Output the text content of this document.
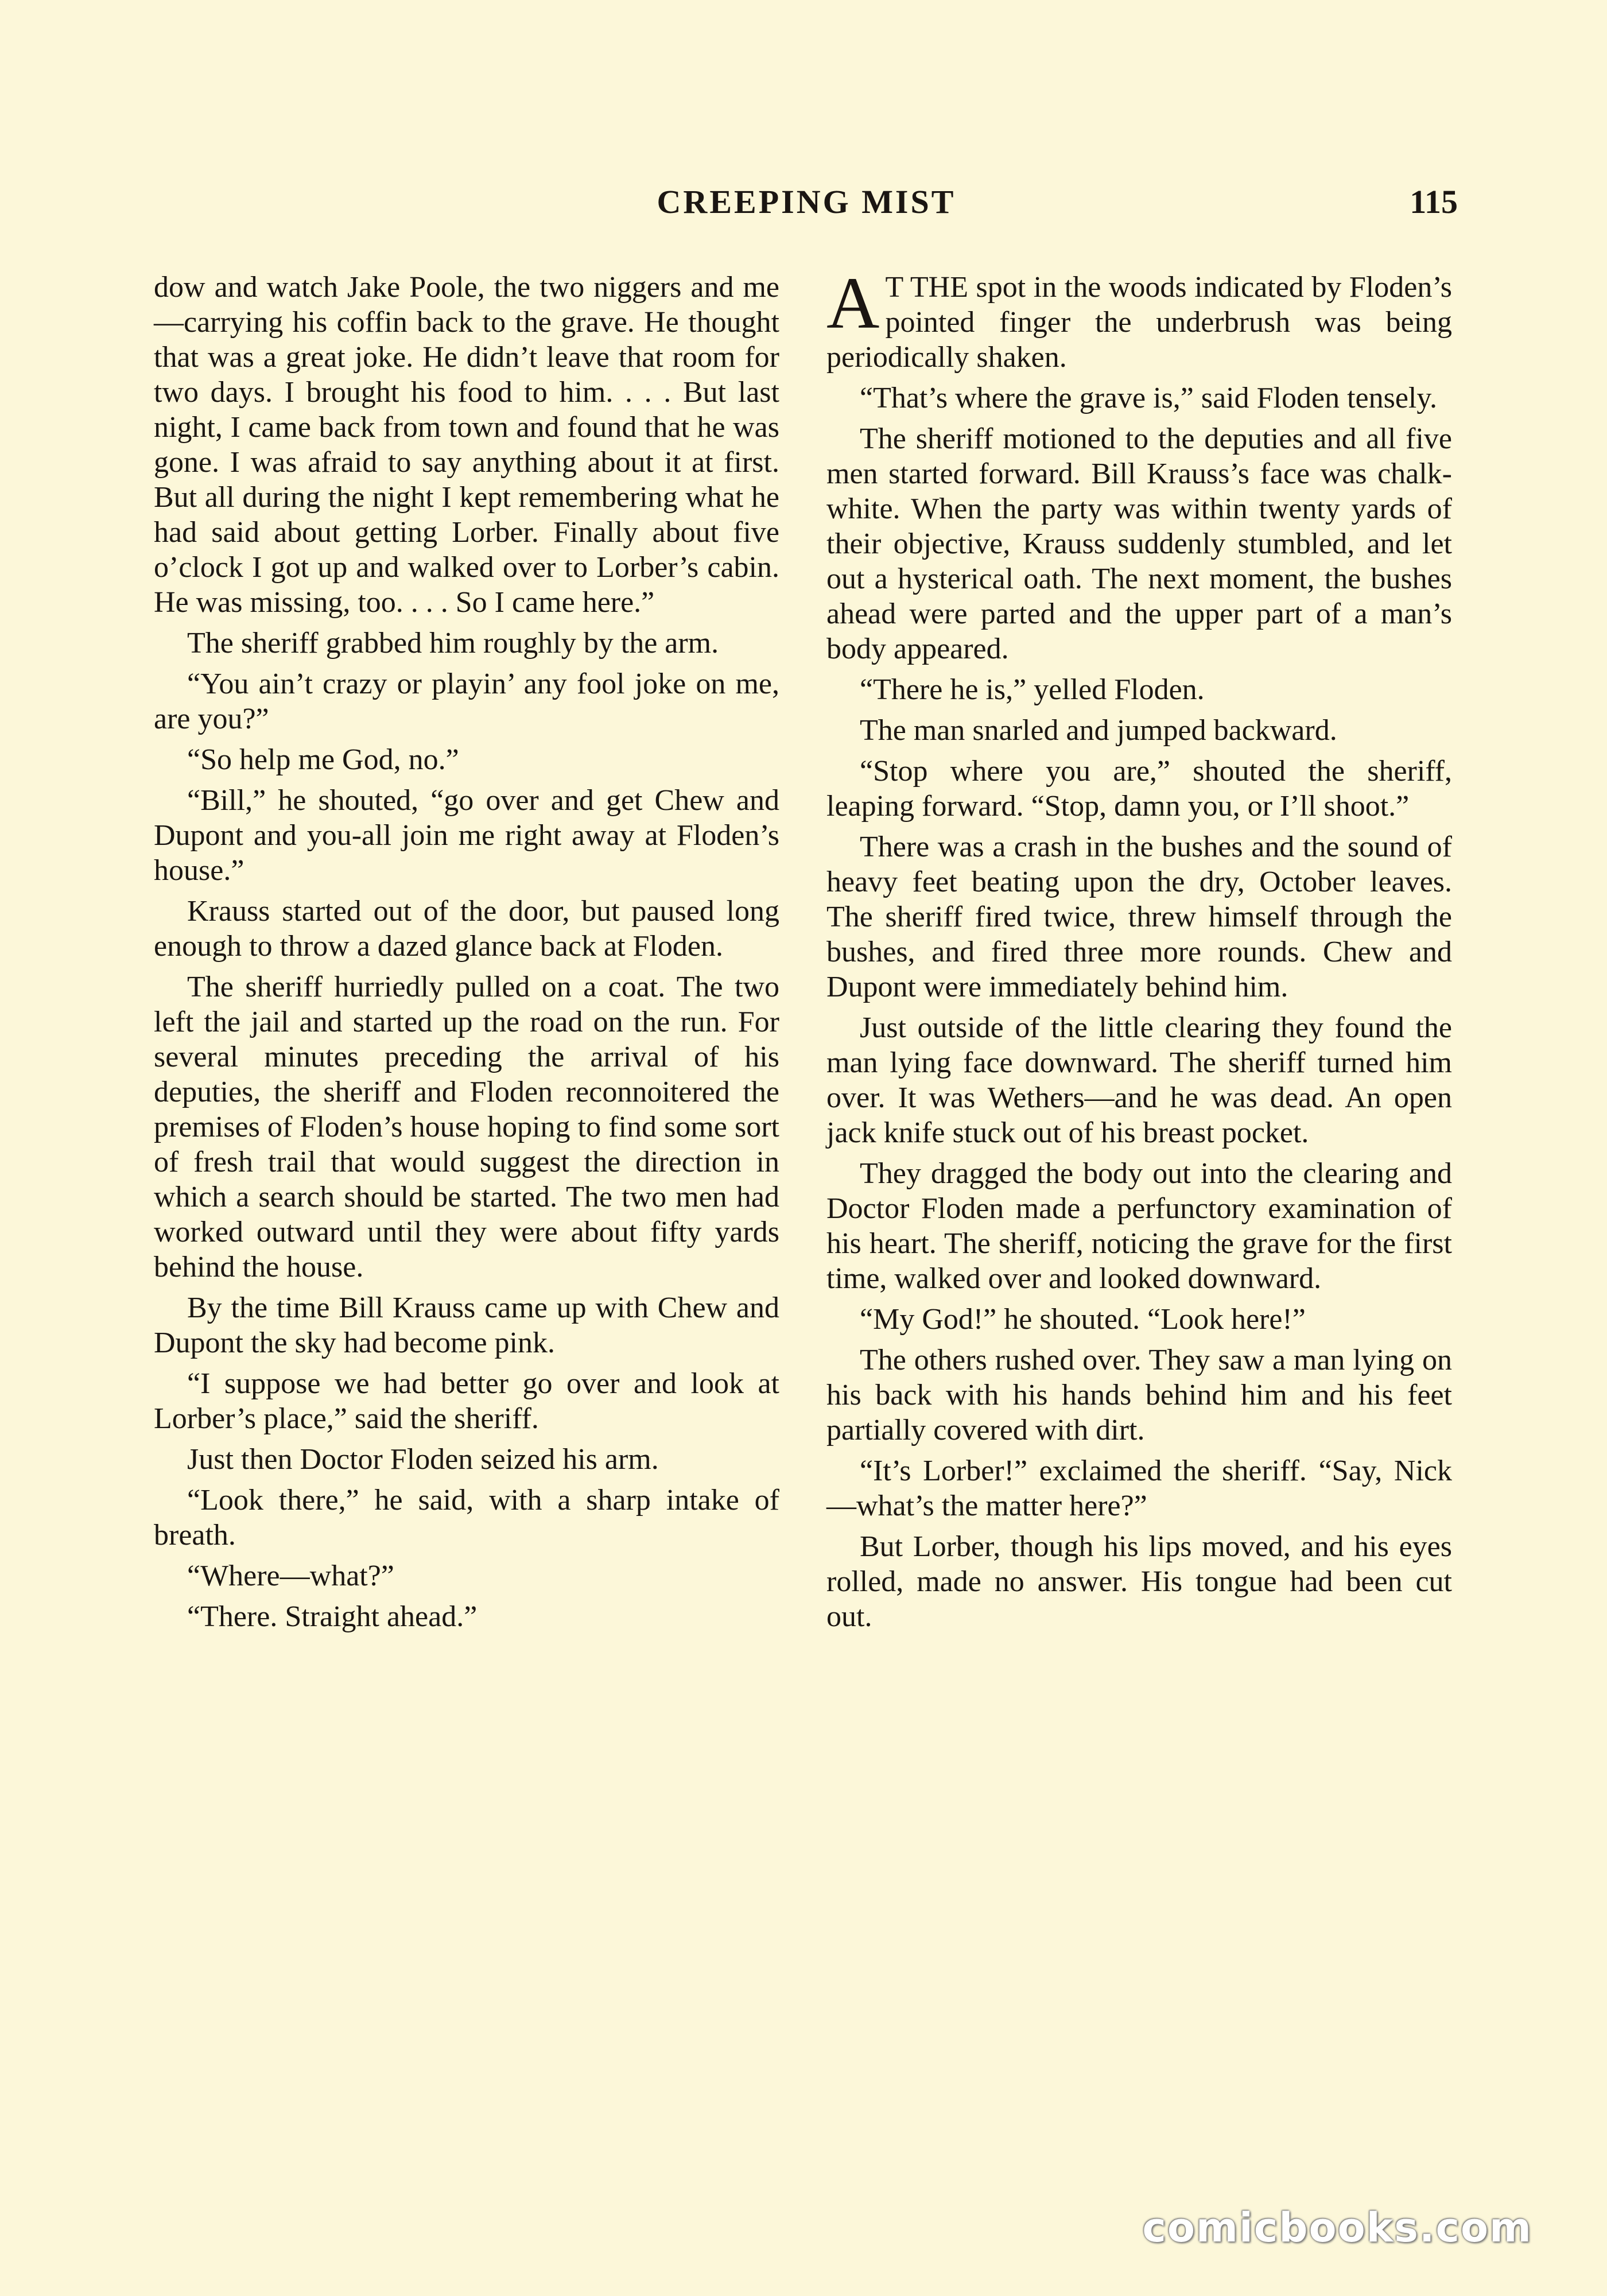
CREEPING MIST	115

dow and watch Jake Poole, the two niggers and me—carrying his coffin back to the grave. He thought that was a great joke. He didn’t leave that room for two days. I brought his food to him. . . . But last night, I came back from town and found that he was gone. I was afraid to say anything about it at first. But all during the night I kept remembering what he had said about getting Lorber. Finally about five o’clock I got up and walked over to Lorber’s cabin. He was missing, too. . . . So I came here.”

The sheriff grabbed him roughly by the arm.

“You ain’t crazy or playin’ any fool joke on me, are you?”

“So help me God, no.”

“Bill,” he shouted, “go over and get Chew and Dupont and you-all join me right away at Floden’s house.”

Krauss started out of the door, but paused long enough to throw a dazed glance back at Floden.

The sheriff hurriedly pulled on a coat. The two left the jail and started up the road on the run. For several minutes preceding the arrival of his deputies, the sheriff and Floden reconnoitered the premises of Floden’s house hoping to find some sort of fresh trail that would suggest the direction in which a search should be started. The two men had worked outward until they were about fifty yards behind the house.

By the time Bill Krauss came up with Chew and Dupont the sky had become pink.

“I suppose we had better go over and look at Lorber’s place,” said the sheriff.

Just then Doctor Floden seized his arm.

“Look there,” he said, with a sharp intake of breath.

“Where—what?”

“There. Straight ahead.”

A T THE spot in the woods indicated by Floden’s pointed finger the underbrush was being periodically shaken.

“That’s where the grave is,” said Floden tensely.

The sheriff motioned to the deputies and all five men started forward. Bill Krauss’s face was chalk-white. When the party was within twenty yards of their objective, Krauss suddenly stumbled, and let out a hysterical oath. The next moment, the bushes ahead were parted and the upper part of a man’s body appeared.

“There he is,” yelled Floden.

The man snarled and jumped backward.

“Stop where you are,” shouted the sheriff, leaping forward. “Stop, damn you, or I’ll shoot.”

There was a crash in the bushes and the sound of heavy feet beating upon the dry, October leaves. The sheriff fired twice, threw himself through the bushes, and fired three more rounds. Chew and Dupont were immediately behind him.

Just outside of the little clearing they found the man lying face downward. The sheriff turned him over. It was Wethers—and he was dead. An open jack knife stuck out of his breast pocket.

They dragged the body out into the clearing and Doctor Floden made a perfunctory examination of his heart. The sheriff, noticing the grave for the first time, walked over and looked downward.

“My God!” he shouted. “Look here!”

The others rushed over. They saw a man lying on his back with his hands behind him and his feet partially covered with dirt.

“It’s Lorber!” exclaimed the sheriff. “Say, Nick—what’s the matter here?”

But Lorber, though his lips moved, and his eyes rolled, made no answer. His tongue had been cut out.

comicbooks.com
